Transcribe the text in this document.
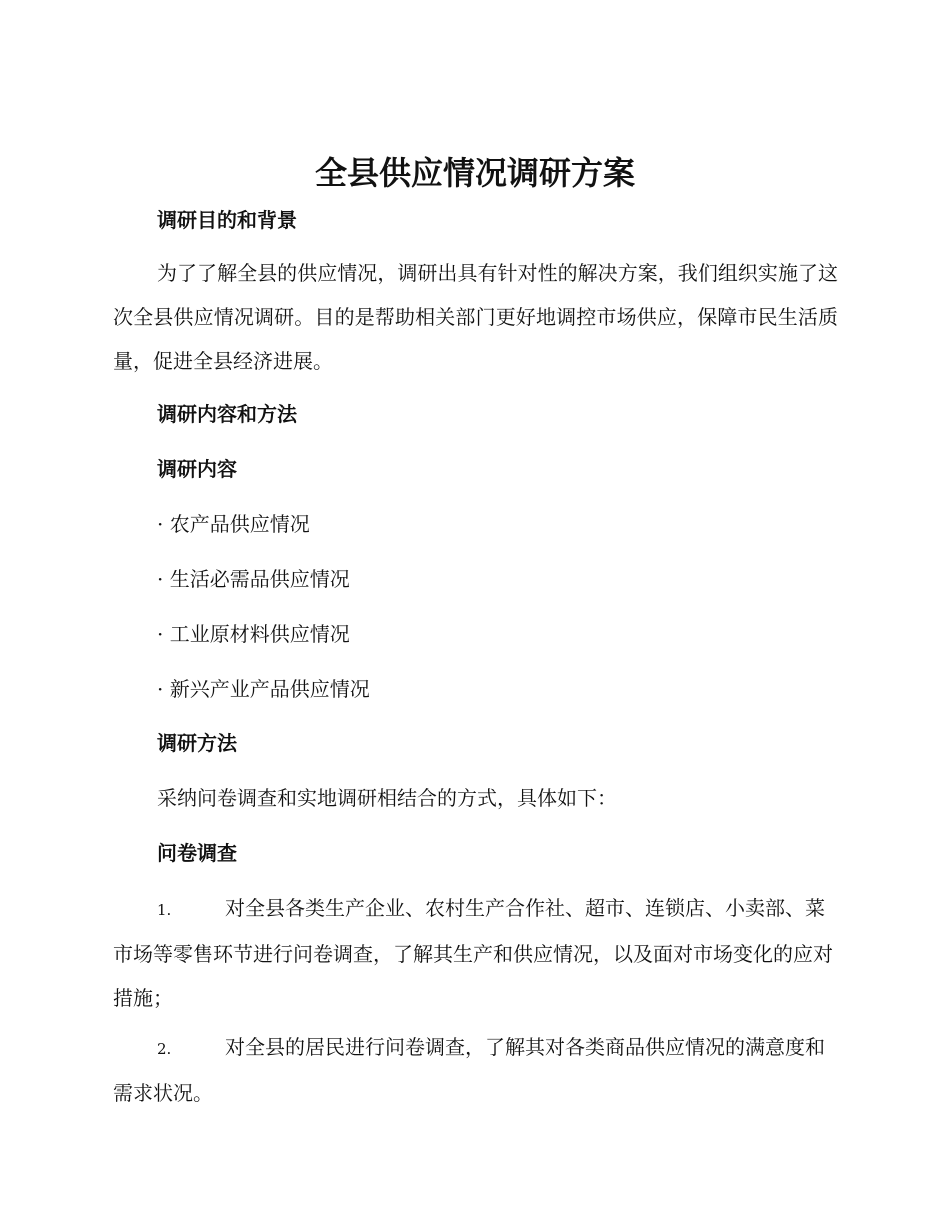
全县供应情况调研方案
调研目的和背景
为了了解全县的供应情况，调研出具有针对性的解决方案，我们组织实施了这次全县供应情况调研。目的是帮助相关部门更好地调控市场供应，保障市民生活质量，促进全县经济进展。
调研内容和方法
调研内容
· 农产品供应情况
· 生活必需品供应情况
· 工业原材料供应情况
· 新兴产业产品供应情况
调研方法
采纳问卷调查和实地调研相结合的方式，具体如下：
问卷调查
1.	对全县各类生产企业、农村生产合作社、超市、连锁店、小卖部、菜市场等零售环节进行问卷调查，了解其生产和供应情况，以及面对市场变化的应对措施；
2.	对全县的居民进行问卷调查，了解其对各类商品供应情况的满意度和需求状况。
